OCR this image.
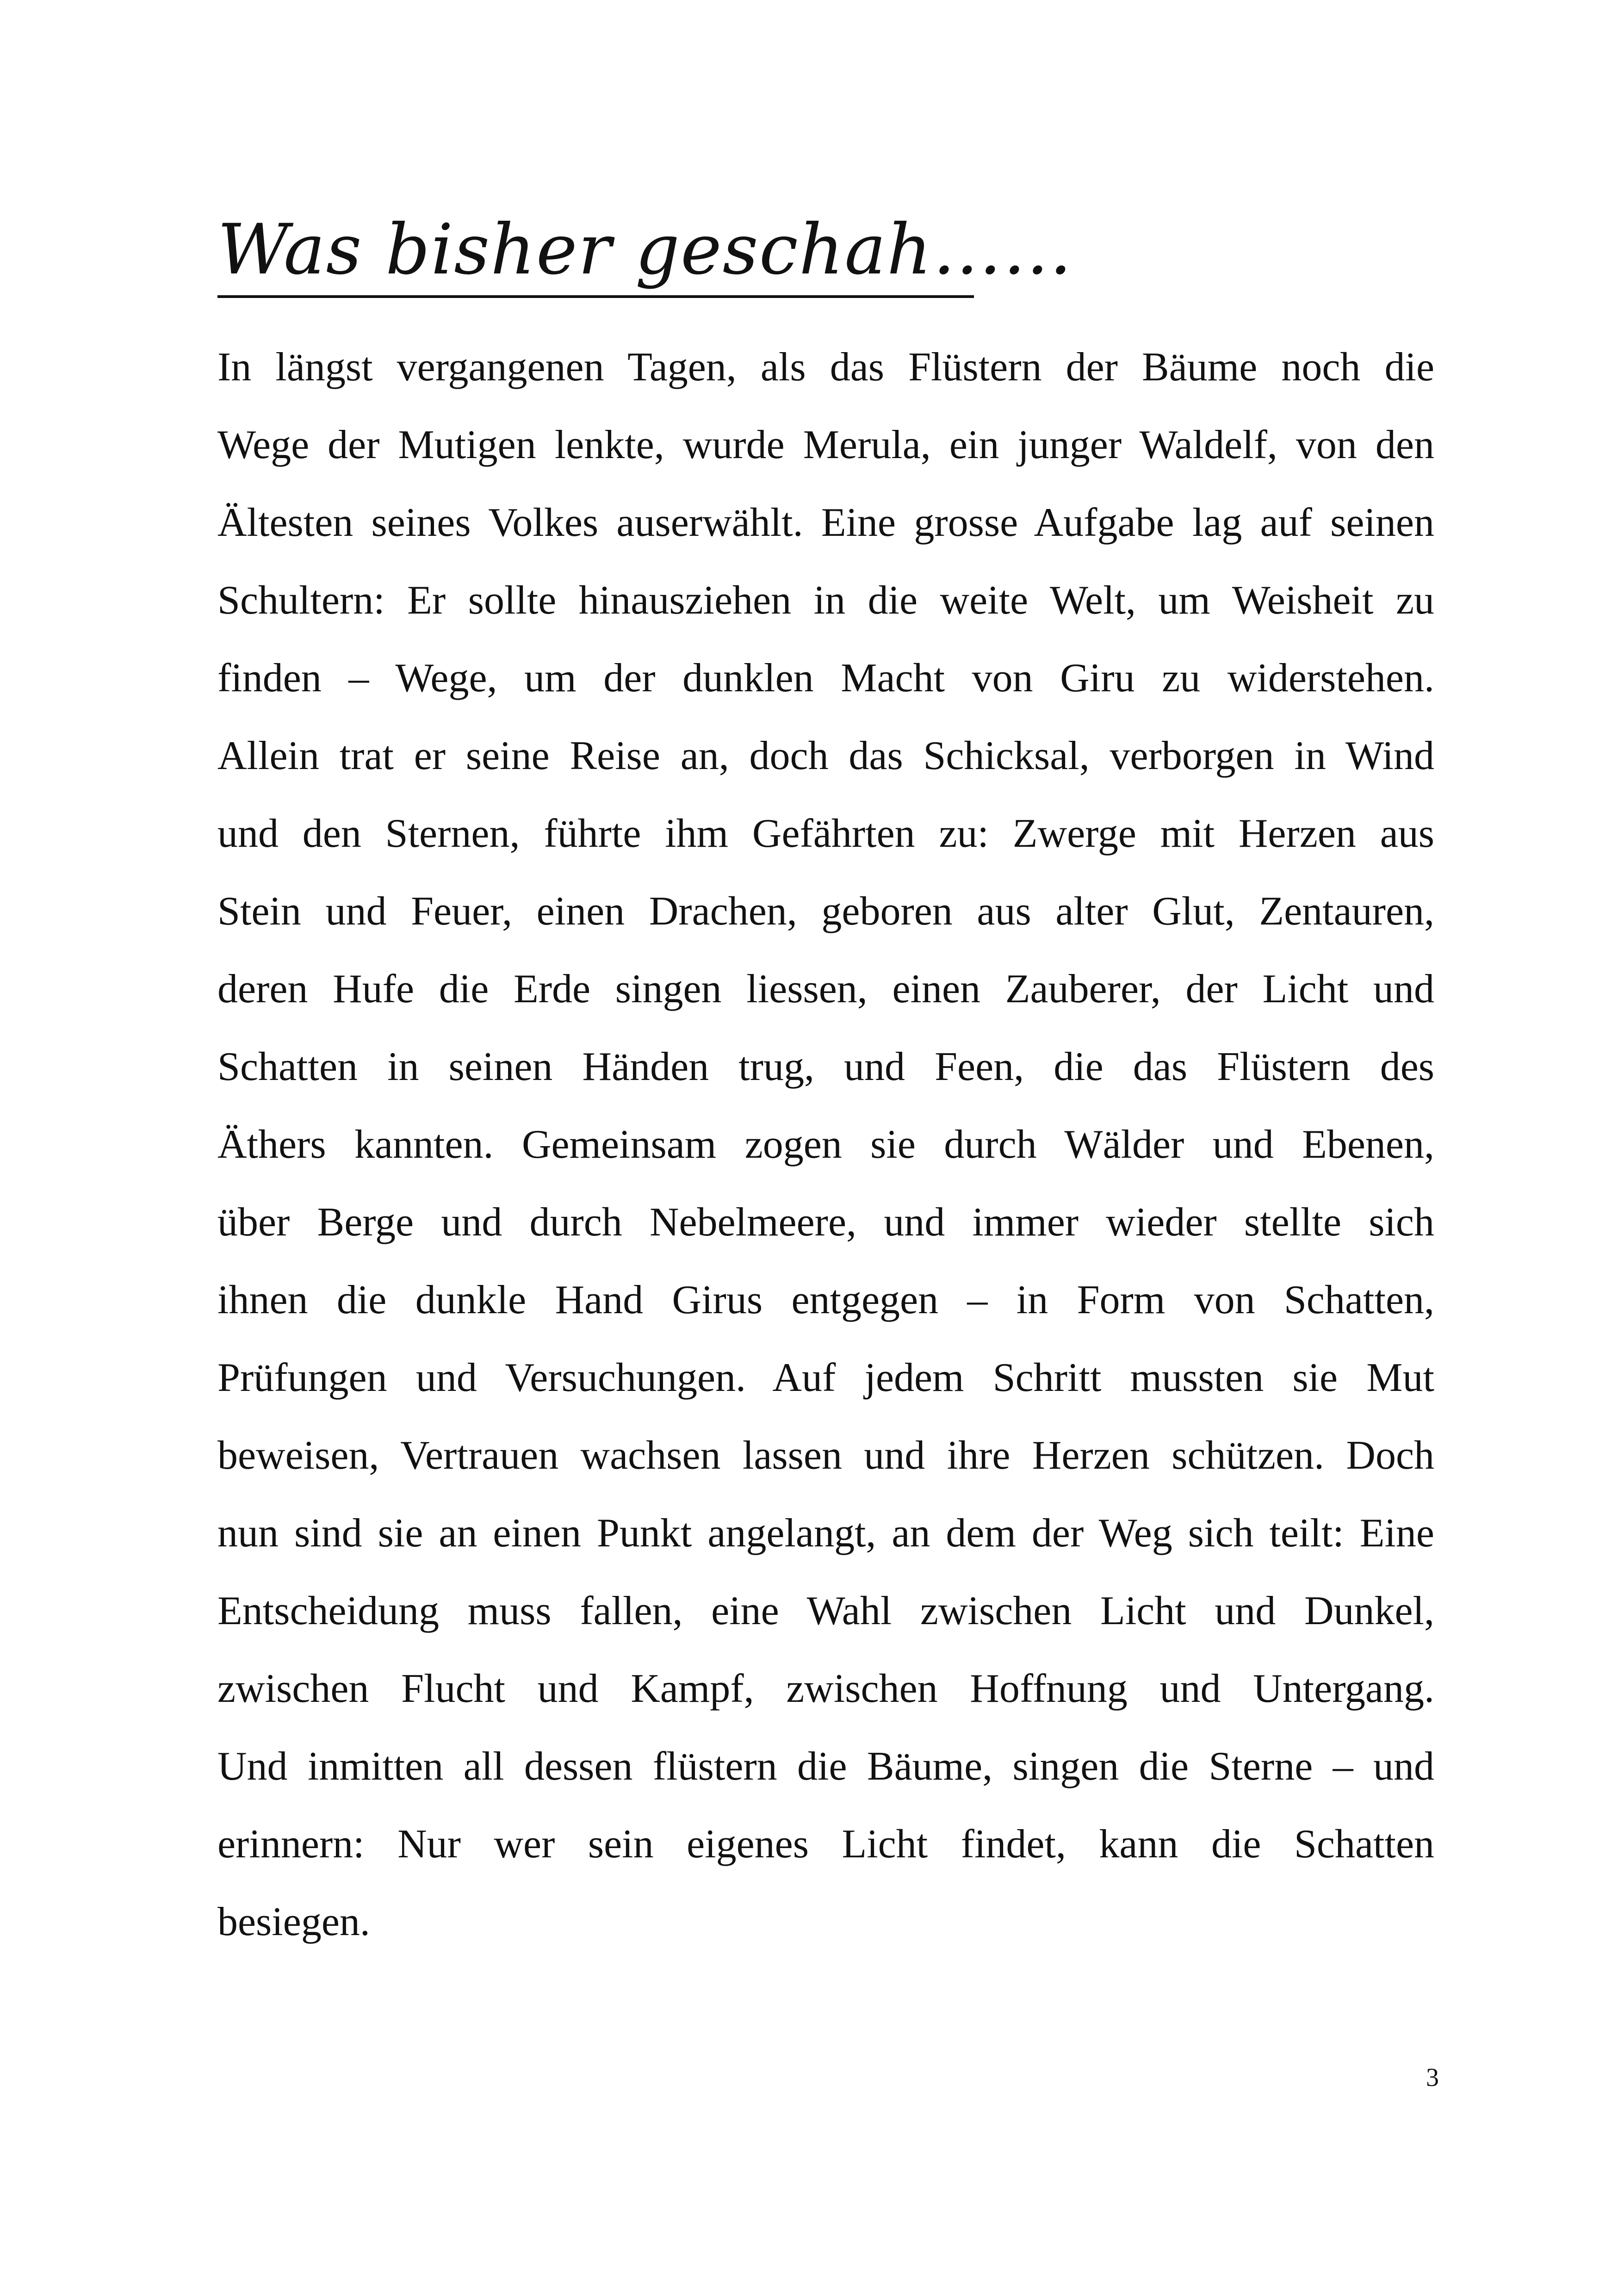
Was bisher geschah……
In längst vergangenen Tagen, als das Flüstern der Bäume noch die
Wege der Mutigen lenkte, wurde Merula, ein junger Waldelf, von den
Ältesten seines Volkes auserwählt. Eine grosse Aufgabe lag auf seinen
Schultern: Er sollte hinausziehen in die weite Welt, um Weisheit zu
finden – Wege, um der dunklen Macht von Giru zu widerstehen.
Allein trat er seine Reise an, doch das Schicksal, verborgen in Wind
und den Sternen, führte ihm Gefährten zu: Zwerge mit Herzen aus
Stein und Feuer, einen Drachen, geboren aus alter Glut, Zentauren,
deren Hufe die Erde singen liessen, einen Zauberer, der Licht und
Schatten in seinen Händen trug, und Feen, die das Flüstern des
Äthers kannten. Gemeinsam zogen sie durch Wälder und Ebenen,
über Berge und durch Nebelmeere, und immer wieder stellte sich
ihnen die dunkle Hand Girus entgegen – in Form von Schatten,
Prüfungen und Versuchungen. Auf jedem Schritt mussten sie Mut
beweisen, Vertrauen wachsen lassen und ihre Herzen schützen. Doch
nun sind sie an einen Punkt angelangt, an dem der Weg sich teilt: Eine
Entscheidung muss fallen, eine Wahl zwischen Licht und Dunkel,
zwischen Flucht und Kampf, zwischen Hoffnung und Untergang.
Und inmitten all dessen flüstern die Bäume, singen die Sterne – und
erinnern: Nur wer sein eigenes Licht findet, kann die Schatten
besiegen.
3
